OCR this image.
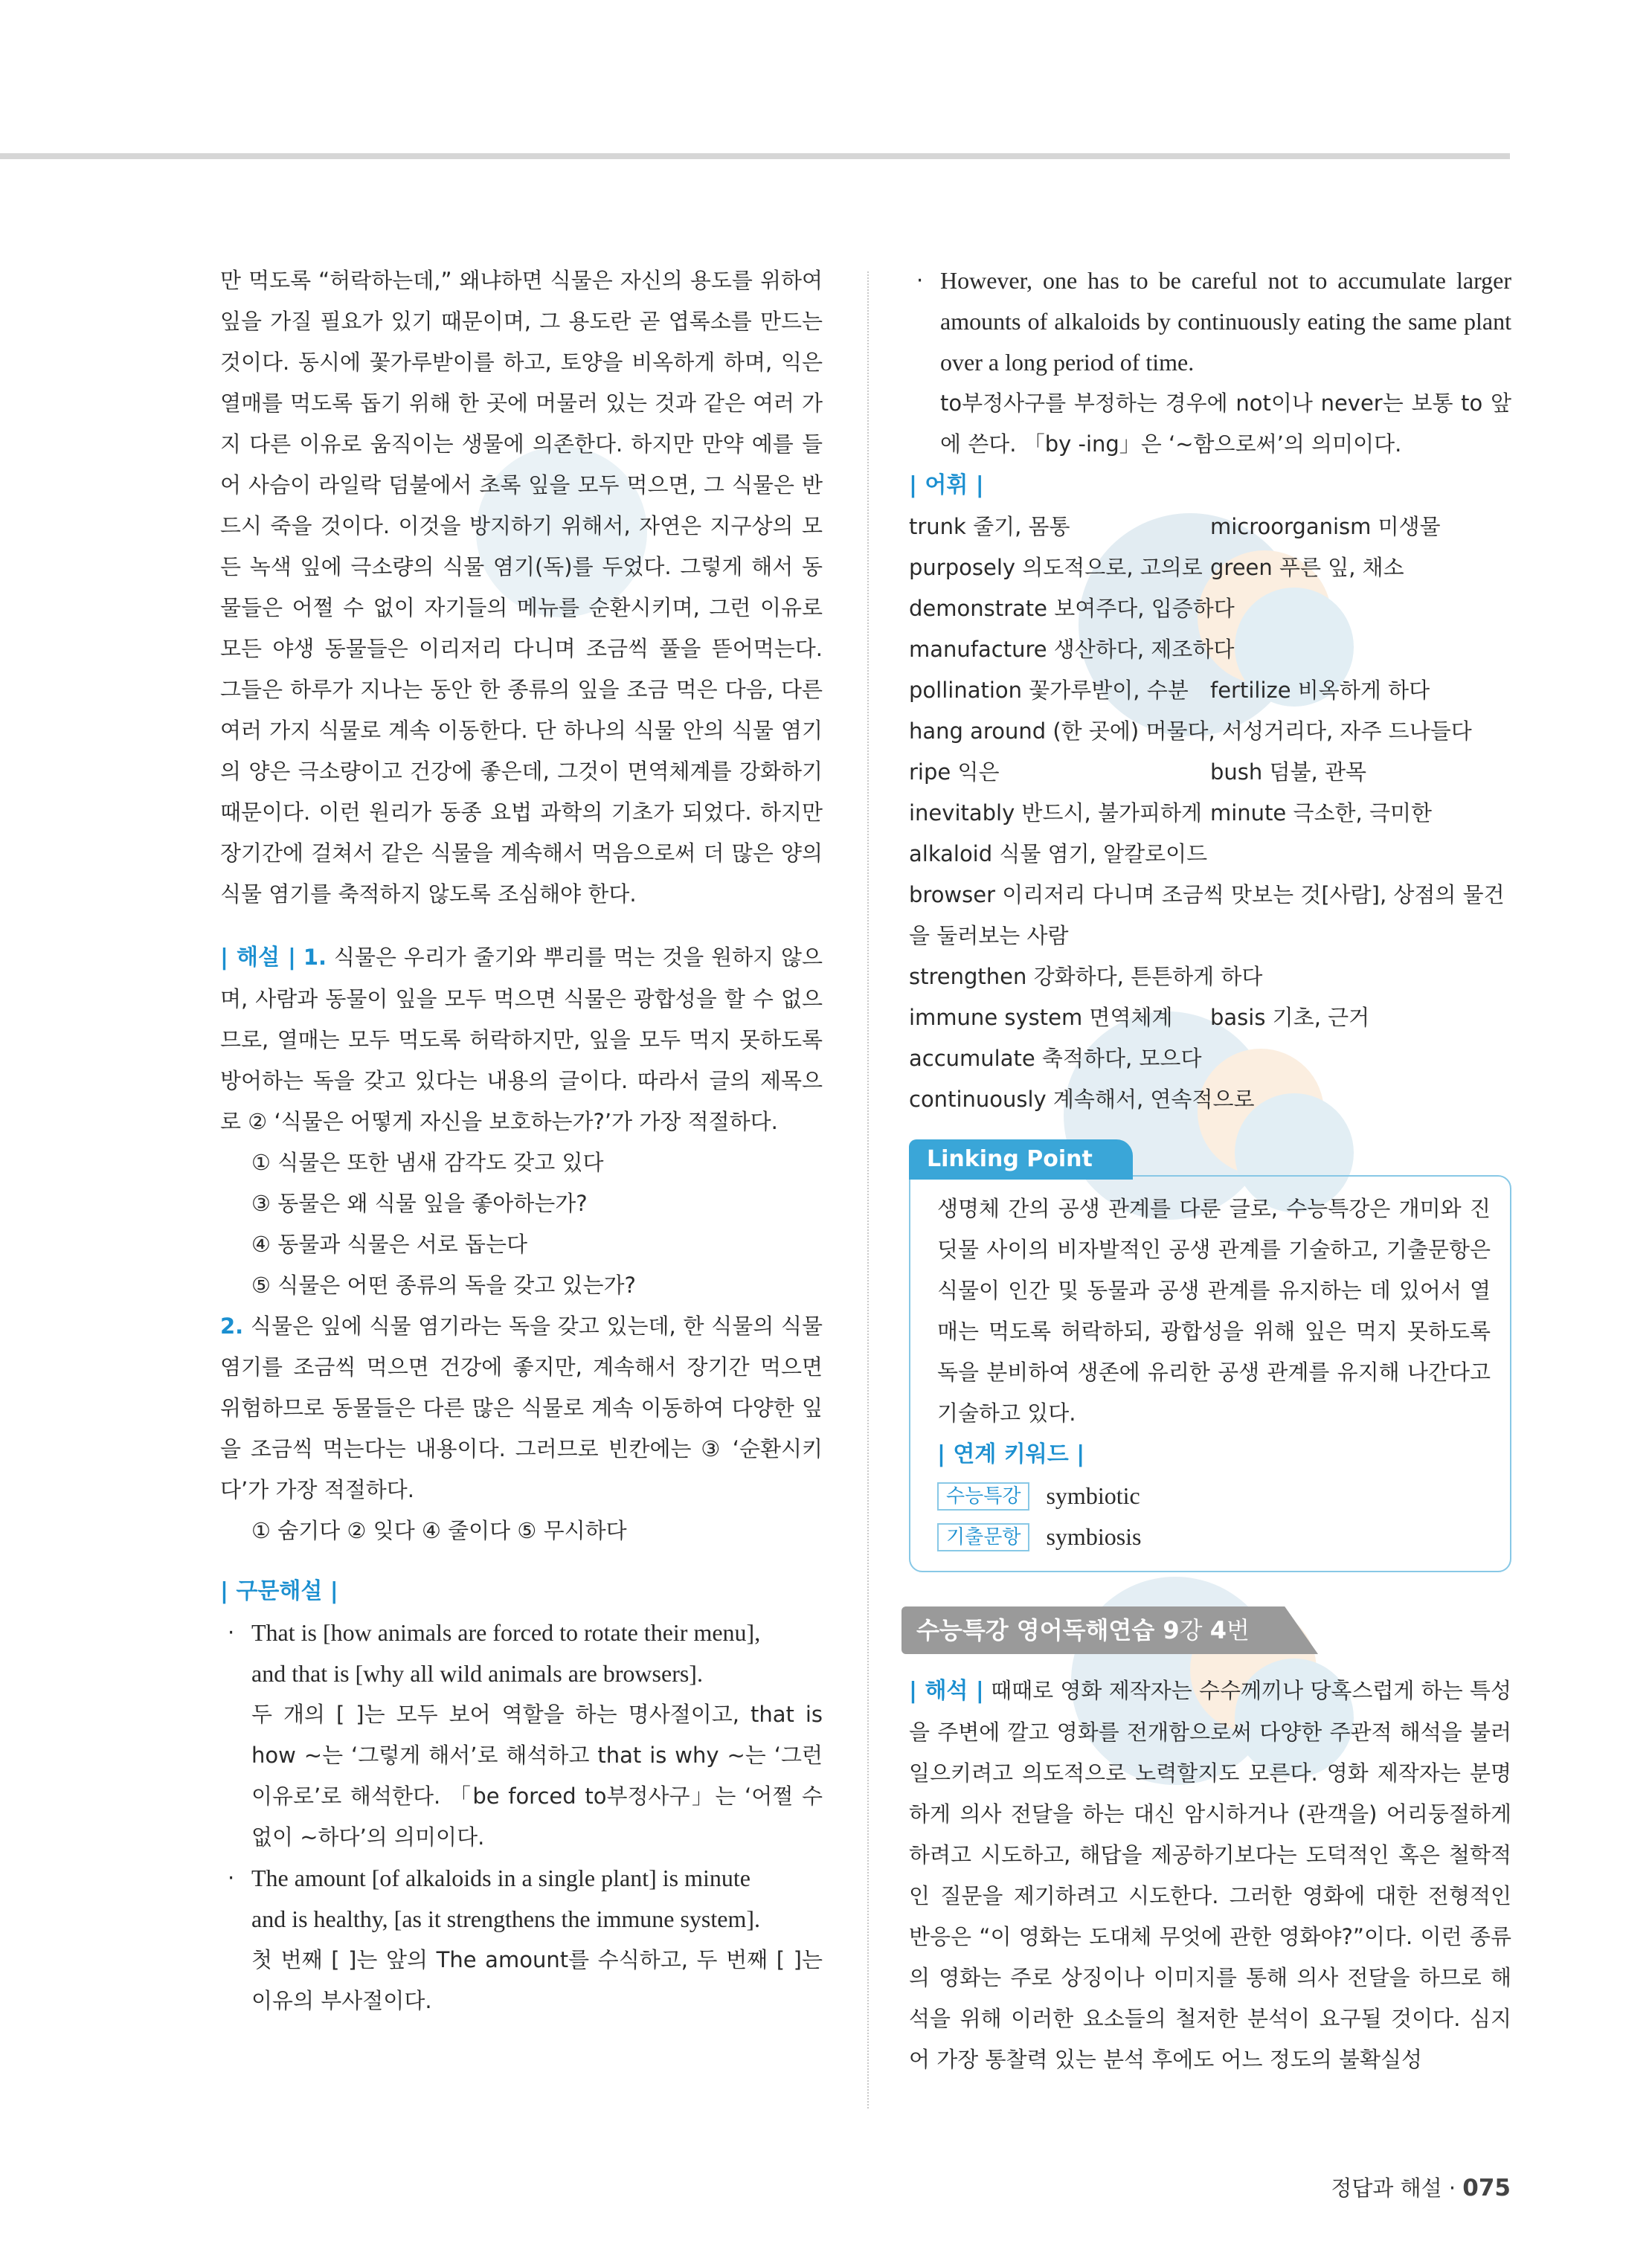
만 먹도록 “허락하는데,” 왜냐하면 식물은 자신의 용도를 위하여 잎을 가질 필요가 있기 때문이며, 그 용도란 곧 엽록소를 만드는 것이다. 동시에 꽃가루받이를 하고, 토양을 비옥하게 하며, 익은 열매를 먹도록 돕기 위해 한 곳에 머물러 있는 것과 같은 여러 가지 다른 이유로 움직이는 생물에 의존한다. 하지만 만약 예를 들어 사슴이 라일락 덤불에서 초록 잎을 모두 먹으면, 그 식물은 반드시 죽을 것이다. 이것을 방지하기 위해서, 자연은 지구상의 모든 녹색 잎에 극소량의 식물 염기(독)를 두었다. 그렇게 해서 동물들은 어쩔 수 없이 자기들의 메뉴를 순환시키며, 그런 이유로 모든 야생 동물들은 이리저리 다니며 조금씩 풀을 뜯어먹는다. 그들은 하루가 지나는 동안 한 종류의 잎을 조금 먹은 다음, 다른 여러 가지 식물로 계속 이동한다. 단 하나의 식물 안의 식물 염기의 양은 극소량이고 건강에 좋은데, 그것이 면역체계를 강화하기 때문이다. 이런 원리가 동종 요법 과학의 기초가 되었다. 하지만 장기간에 걸쳐서 같은 식물을 계속해서 먹음으로써 더 많은 양의 식물 염기를 축적하지 않도록 조심해야 한다.
| 해설 | 1. 식물은 우리가 줄기와 뿌리를 먹는 것을 원하지 않으며, 사람과 동물이 잎을 모두 먹으면 식물은 광합성을 할 수 없으므로, 열매는 모두 먹도록 허락하지만, 잎을 모두 먹지 못하도록 방어하는 독을 갖고 있다는 내용의 글이다. 따라서 글의 제목으로 ② ‘식물은 어떻게 자신을 보호하는가?’가 가장 적절하다.
① 식물은 또한 냄새 감각도 갖고 있다
③ 동물은 왜 식물 잎을 좋아하는가?
④ 동물과 식물은 서로 돕는다
⑤ 식물은 어떤 종류의 독을 갖고 있는가?
2. 식물은 잎에 식물 염기라는 독을 갖고 있는데, 한 식물의 식물 염기를 조금씩 먹으면 건강에 좋지만, 계속해서 장기간 먹으면 위험하므로 동물들은 다른 많은 식물로 계속 이동하여 다양한 잎을 조금씩 먹는다는 내용이다. 그러므로 빈칸에는 ③ ‘순환시키다’가 가장 적절하다.
① 숨기다 ② 잊다 ④ 줄이다 ⑤ 무시하다
| 구문해설 |
· That is [how animals are forced to rotate their menu],
and that is [why all wild animals are browsers].
두 개의 [ ]는 모두 보어 역할을 하는 명사절이고, that is how ~는 ‘그렇게 해서’로 해석하고 that is why ~는 ‘그런 이유로’로 해석한다. 「be forced to부정사구」는 ‘어쩔 수 없이 ~하다’의 의미이다.
· The amount [of alkaloids in a single plant] is minute
and is healthy, [as it strengthens the immune system].
첫 번째 [ ]는 앞의 The amount를 수식하고, 두 번째 [ ]는 이유의 부사절이다.
· However, one has to be careful not to accumulate larger amounts of alkaloids by continuously eating the same plant over a long period of time.
to부정사구를 부정하는 경우에 not이나 never는 보통 to 앞에 쓴다. 「by -ing」은 ‘~함으로써’의 의미이다.
| 어휘 |
trunk 줄기, 몸통	microorganism 미생물
purposely 의도적으로, 고의로 green 푸른 잎, 채소
demonstrate 보여주다, 입증하다
manufacture 생산하다, 제조하다
pollination 꽃가루받이, 수분	fertilize 비옥하게 하다
hang around (한 곳에) 머물다, 서성거리다, 자주 드나들다
ripe 익은	bush 덤불, 관목
inevitably 반드시, 불가피하게 minute 극소한, 극미한
alkaloid 식물 염기, 알칼로이드
browser 이리저리 다니며 조금씩 맛보는 것[사람], 상점의 물건을 둘러보는 사람
strengthen 강화하다, 튼튼하게 하다
immune system 면역체계	basis 기초, 근거
accumulate 축적하다, 모으다
continuously 계속해서, 연속적으로
Linking Point
생명체 간의 공생 관계를 다룬 글로, 수능특강은 개미와 진딧물 사이의 비자발적인 공생 관계를 기술하고, 기출문항은 식물이 인간 및 동물과 공생 관계를 유지하는 데 있어서 열매는 먹도록 허락하되, 광합성을 위해 잎은 먹지 못하도록 독을 분비하여 생존에 유리한 공생 관계를 유지해 나간다고 기술하고 있다.
| 연계 키워드 |
수능특강	symbiotic
기출문항	symbiosis
수능특강 영어독해연습 9강 4번
| 해석 | 때때로 영화 제작자는 수수께끼나 당혹스럽게 하는 특성을 주변에 깔고 영화를 전개함으로써 다양한 주관적 해석을 불러일으키려고 의도적으로 노력할지도 모른다. 영화 제작자는 분명하게 의사 전달을 하는 대신 암시하거나 (관객을) 어리둥절하게 하려고 시도하고, 해답을 제공하기보다는 도덕적인 혹은 철학적인 질문을 제기하려고 시도한다. 그러한 영화에 대한 전형적인 반응은 “이 영화는 도대체 무엇에 관한 영화야?”이다. 이런 종류의 영화는 주로 상징이나 이미지를 통해 의사 전달을 하므로 해석을 위해 이러한 요소들의 철저한 분석이 요구될 것이다. 심지어 가장 통찰력 있는 분석 후에도 어느 정도의 불확실성
정답과 해설 · 075
